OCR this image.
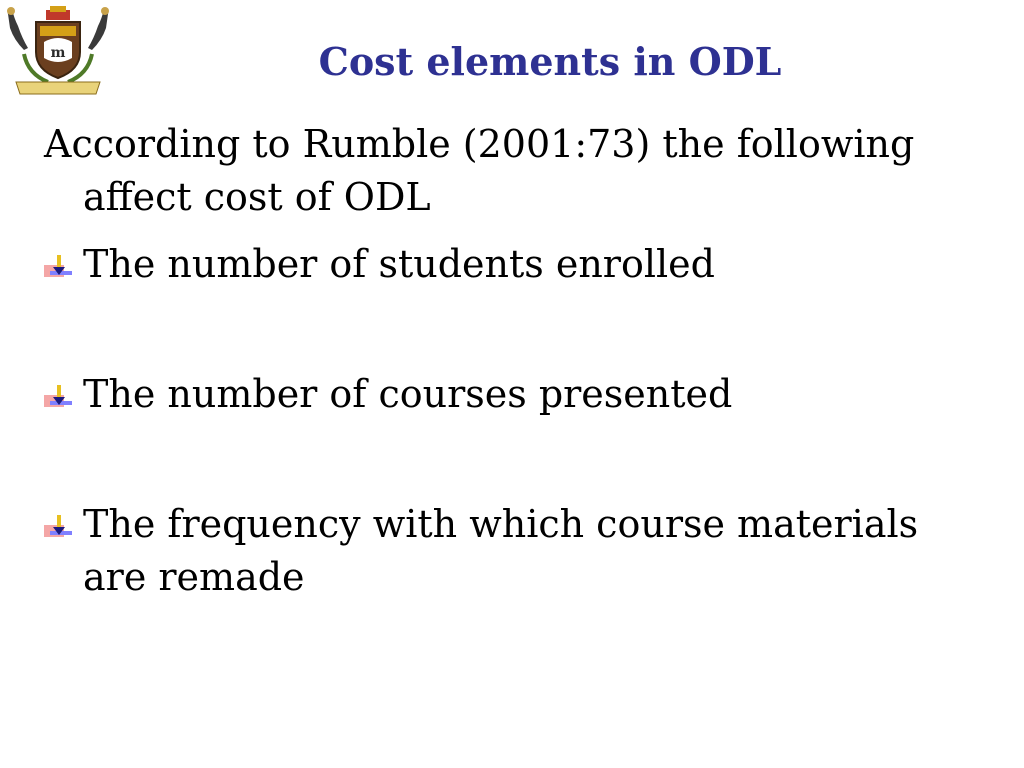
m	Cost elements in ODL

According to Rumble (2001:73) the following affect cost of ODL

The number of students enrolled
The number of courses presented
The frequency with which course materials are remade
